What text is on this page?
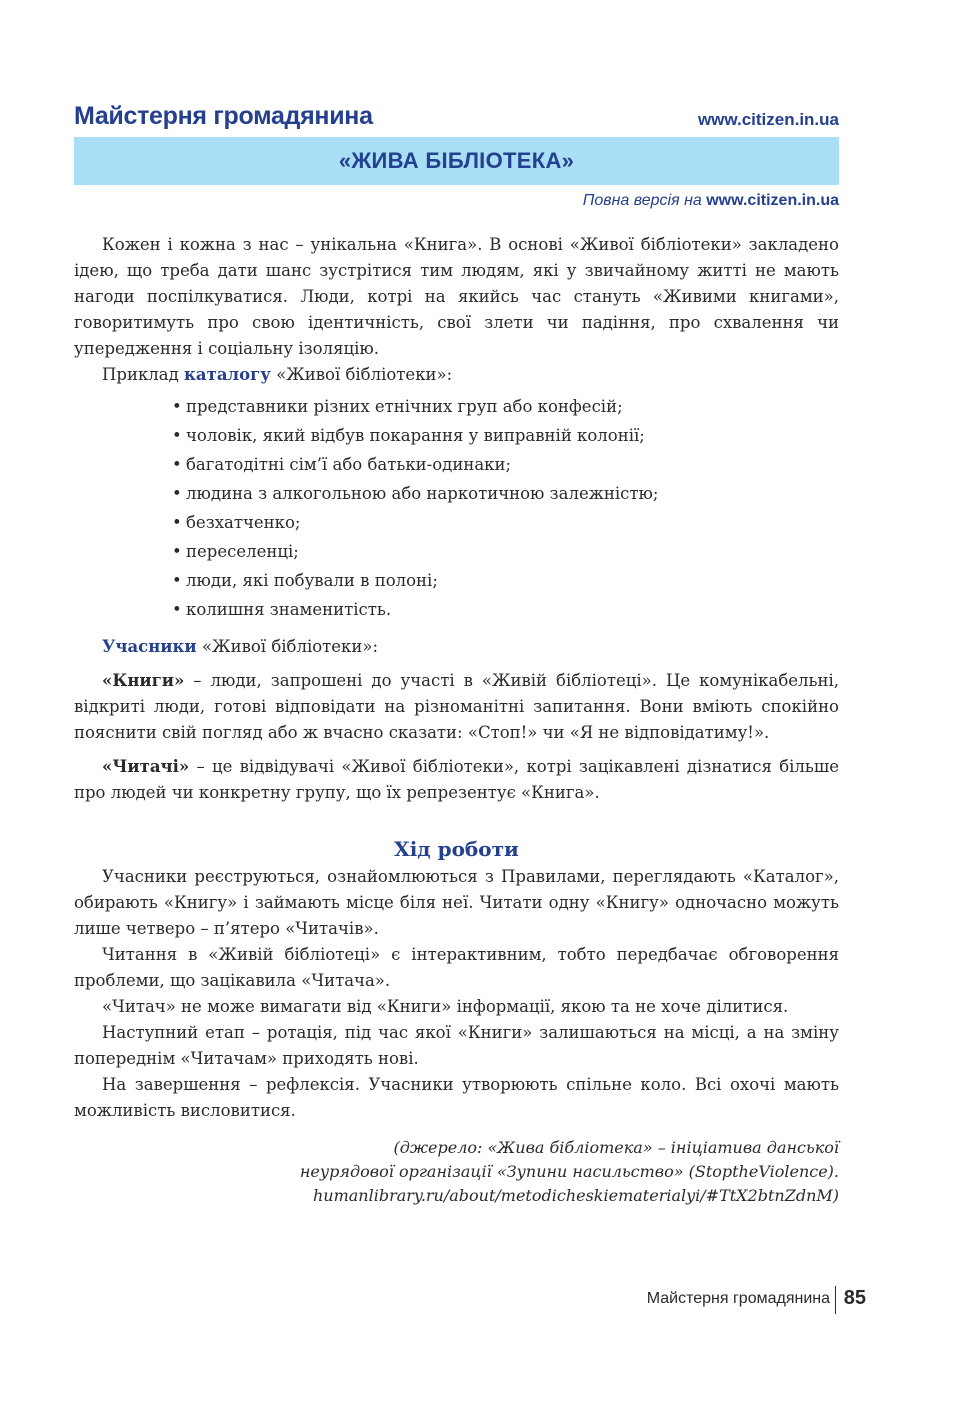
Майстерня громадянина	www.citizen.in.ua
«ЖИВА БІБЛІОТЕКА»
Повна версія на www.citizen.in.ua

Кожен і кожна з нас – унікальна «Книга». В основі «Живої бібліотеки» закладено ідею, що треба дати шанс зустрітися тим людям, які у звичайному житті не мають нагоди поспілкуватися. Люди, котрі на якийсь час стануть «Живими книгами», говоритимуть про свою ідентичність, свої злети чи падіння, про схвалення чи упередження і соціальну ізоляцію.

Приклад каталогу «Живої бібліотеки»:

• представники різних етнічних груп або конфесій;
• чоловік, який відбув покарання у виправній колонії;
• багатодітні сім’ї або батьки-одинаки;
• людина з алкогольною або наркотичною залежністю;
• безхатченко;
• переселенці;
• люди, які побували в полоні;
• колишня знаменитість.

Учасники «Живої бібліотеки»:

«Книги» – люди, запрошені до участі в «Живій бібліотеці». Це комунікабельні, відкриті люди, готові відповідати на різноманітні запитання. Вони вміють спокійно пояснити свій погляд або ж вчасно сказати: «Стоп!» чи «Я не відповідатиму!».

«Читачі» – це відвідувачі «Живої бібліотеки», котрі зацікавлені дізнатися більше про людей чи конкретну групу, що їх репрезентує «Книга».

Хід роботи

Учасники реєструються, ознайомлюються з Правилами, переглядають «Каталог», обирають «Книгу» і займають місце біля неї. Читати одну «Книгу» одночасно можуть лише четверо – п’ятеро «Читачів».

Читання в «Живій бібліотеці» є інтерактивним, тобто передбачає обговорення проблеми, що зацікавила «Читача».

«Читач» не може вимагати від «Книги» інформації, якою та не хоче ділитися.

Наступний етап – ротація, під час якої «Книги» залишаються на місці, а на зміну попереднім «Читачам» приходять нові.

На завершення – рефлексія. Учасники утворюють спільне коло. Всі охочі мають можливість висловитися.

(джерело: «Жива бібліотека» – ініціатива данської
неурядової організації «Зупини насильство» (StoptheViolence).
humanlibrary.ru/about/metodicheskiematerialyi/#TtX2btnZdnM)
Майстерня громадянина 85
